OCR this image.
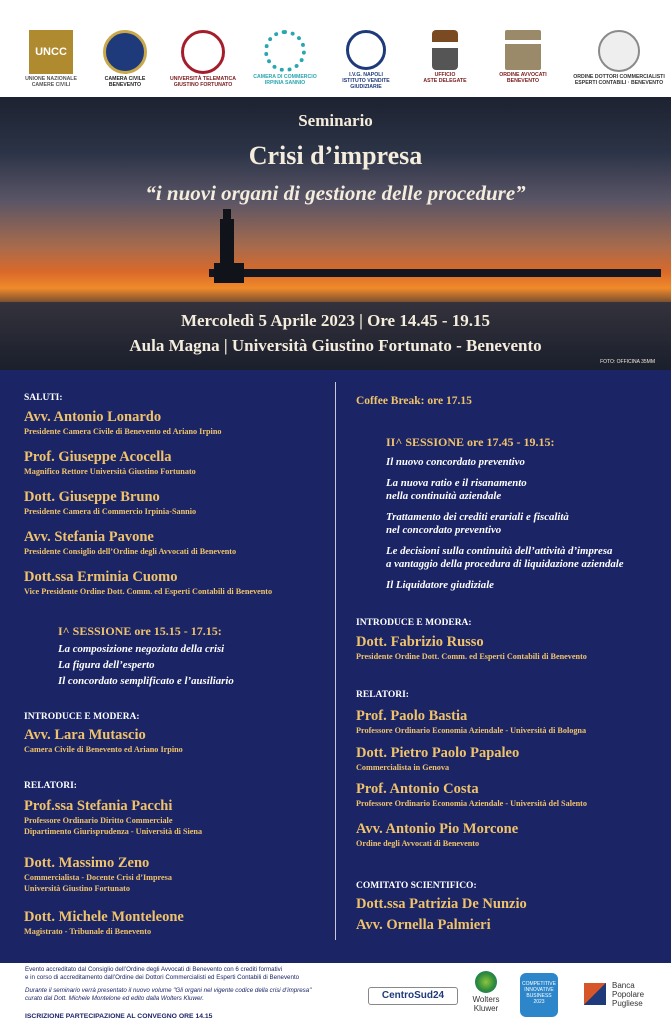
UNCC
UNIONE NAZIONALE
CAMERE CIVILI
CAMERA CIVILE
BENEVENTO
UNIVERSITÀ TELEMATICA
GIUSTINO FORTUNATO
CAMERA DI COMMERCIO
IRPINIA SANNIO
I.V.G. NAPOLI
ISTITUTO VENDITE GIUDIZIARIE
UFFICIO
ASTE DELEGATE
ORDINE AVVOCATI
BENEVENTO
ORDINE DOTTORI COMMERCIALISTI
ESPERTI CONTABILI · BENEVENTO
Seminario
Crisi d’impresa
“i nuovi organi di gestione delle procedure”
Mercoledì 5 Aprile 2023 | Ore 14.45 - 19.15
Aula Magna | Università Giustino Fortunato - Benevento
FOTO: OFFICINA 35MM
SALUTI:
Avv. Antonio Lonardo
Presidente Camera Civile di Benevento ed Ariano Irpino
Prof. Giuseppe Acocella
Magnifico Rettore Università Giustino Fortunato
Dott. Giuseppe Bruno
Presidente Camera di Commercio Irpinia-Sannio
Avv. Stefania Pavone
Presidente Consiglio dell’Ordine degli Avvocati di Benevento
Dott.ssa Erminia Cuomo
Vice Presidente Ordine Dott. Comm. ed Esperti Contabili di Benevento
I^ SESSIONE ore 15.15 - 17.15:
La composizione negoziata della crisi
La figura dell’esperto
Il concordato semplificato e l’ausiliario
INTRODUCE E MODERA:
Avv. Lara Mutascio
Camera Civile di Benevento ed Ariano Irpino
RELATORI:
Prof.ssa Stefania Pacchi
Professore Ordinario Diritto Commerciale
Dipartimento Giurisprudenza - Università di Siena
Dott. Massimo Zeno
Commercialista - Docente Crisi d’Impresa
Università Giustino Fortunato
Dott. Michele Monteleone
Magistrato - Tribunale di Benevento
Coffee Break: ore 17.15
II^ SESSIONE ore 17.45 - 19.15:
Il nuovo concordato preventivo
La nuova ratio e il risanamento
nella continuità aziendale
Trattamento dei crediti erariali e fiscalità
nel concordato preventivo
Le decisioni sulla continuità dell’attività d’impresa
a vantaggio della procedura di liquidazione aziendale
Il Liquidatore giudiziale
INTRODUCE E MODERA:
Dott. Fabrizio Russo
Presidente Ordine Dott. Comm. ed Esperti Contabili di Benevento
RELATORI:
Prof. Paolo Bastia
Professore Ordinario Economia Aziendale - Università di Bologna
Dott. Pietro Paolo Papaleo
Commercialista in Genova
Prof. Antonio Costa
Professore Ordinario Economia Aziendale - Università del Salento
Avv. Antonio Pio Morcone
Ordine degli Avvocati di Benevento
COMITATO SCIENTIFICO:
Dott.ssa Patrizia De Nunzio
Avv. Ornella Palmieri
Evento accreditato dal Consiglio dell’Ordine degli Avvocati di Benevento con 6 crediti formativi
e in corso di accreditamento dall’Ordine dei Dottori Commercialisti ed Esperti Contabili di Benevento
Durante il seminario verrà presentato il nuovo volume "Gli organi nel vigente codice della crisi d’impresa"
curato dal Dott. Michele Montelone ed edito dalla Wolters Kluwer.
ISCRIZIONE PARTECIPAZIONE AL CONVEGNO ORE 14.15
CentroSud24	Wolters
Kluwer
COMPETITIVE
INNOVATIVE
BUSINESS
2023
Banca
Popolare
Pugliese
